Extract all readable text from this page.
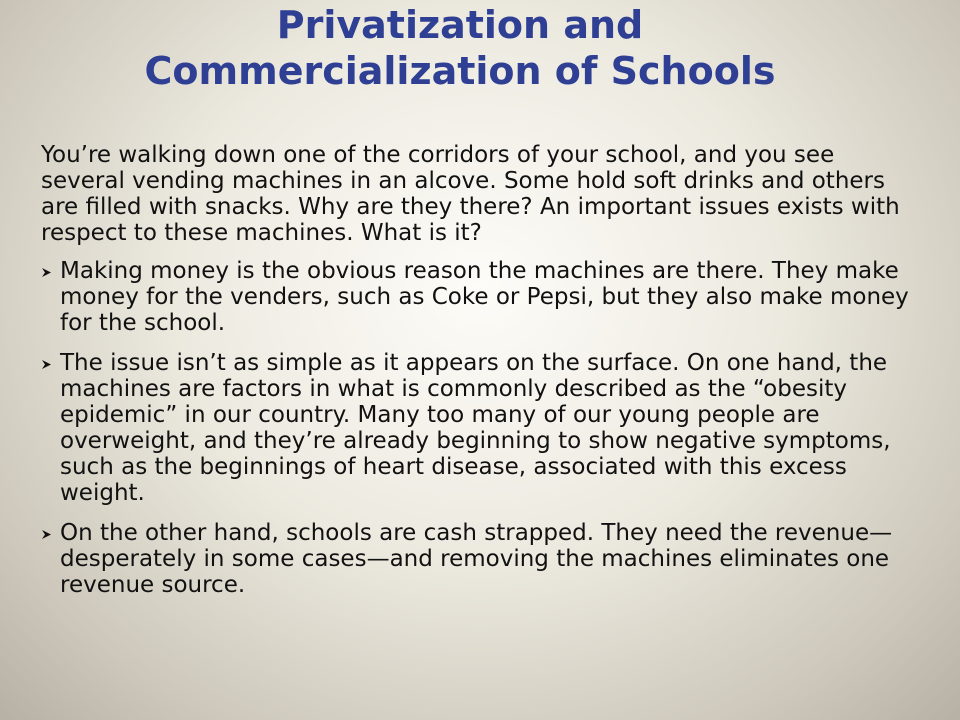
Privatization and
Commercialization of Schools

You’re walking down one of the corridors of your school, and you see several vending machines in an alcove. Some hold soft drinks and others are filled with snacks. Why are they there? An important issues exists with respect to these machines. What is it?

Making money is the obvious reason the machines are there. They make money for the venders, such as Coke or Pepsi, but they also make money for the school.
The issue isn’t as simple as it appears on the surface. On one hand, the machines are factors in what is commonly described as the “obesity epidemic” in our country. Many too many of our young people are overweight, and they’re already beginning to show negative symptoms, such as the beginnings of heart disease, associated with this excess weight.
On the other hand, schools are cash strapped. They need the revenue—desperately in some cases—and removing the machines eliminates one revenue source.
